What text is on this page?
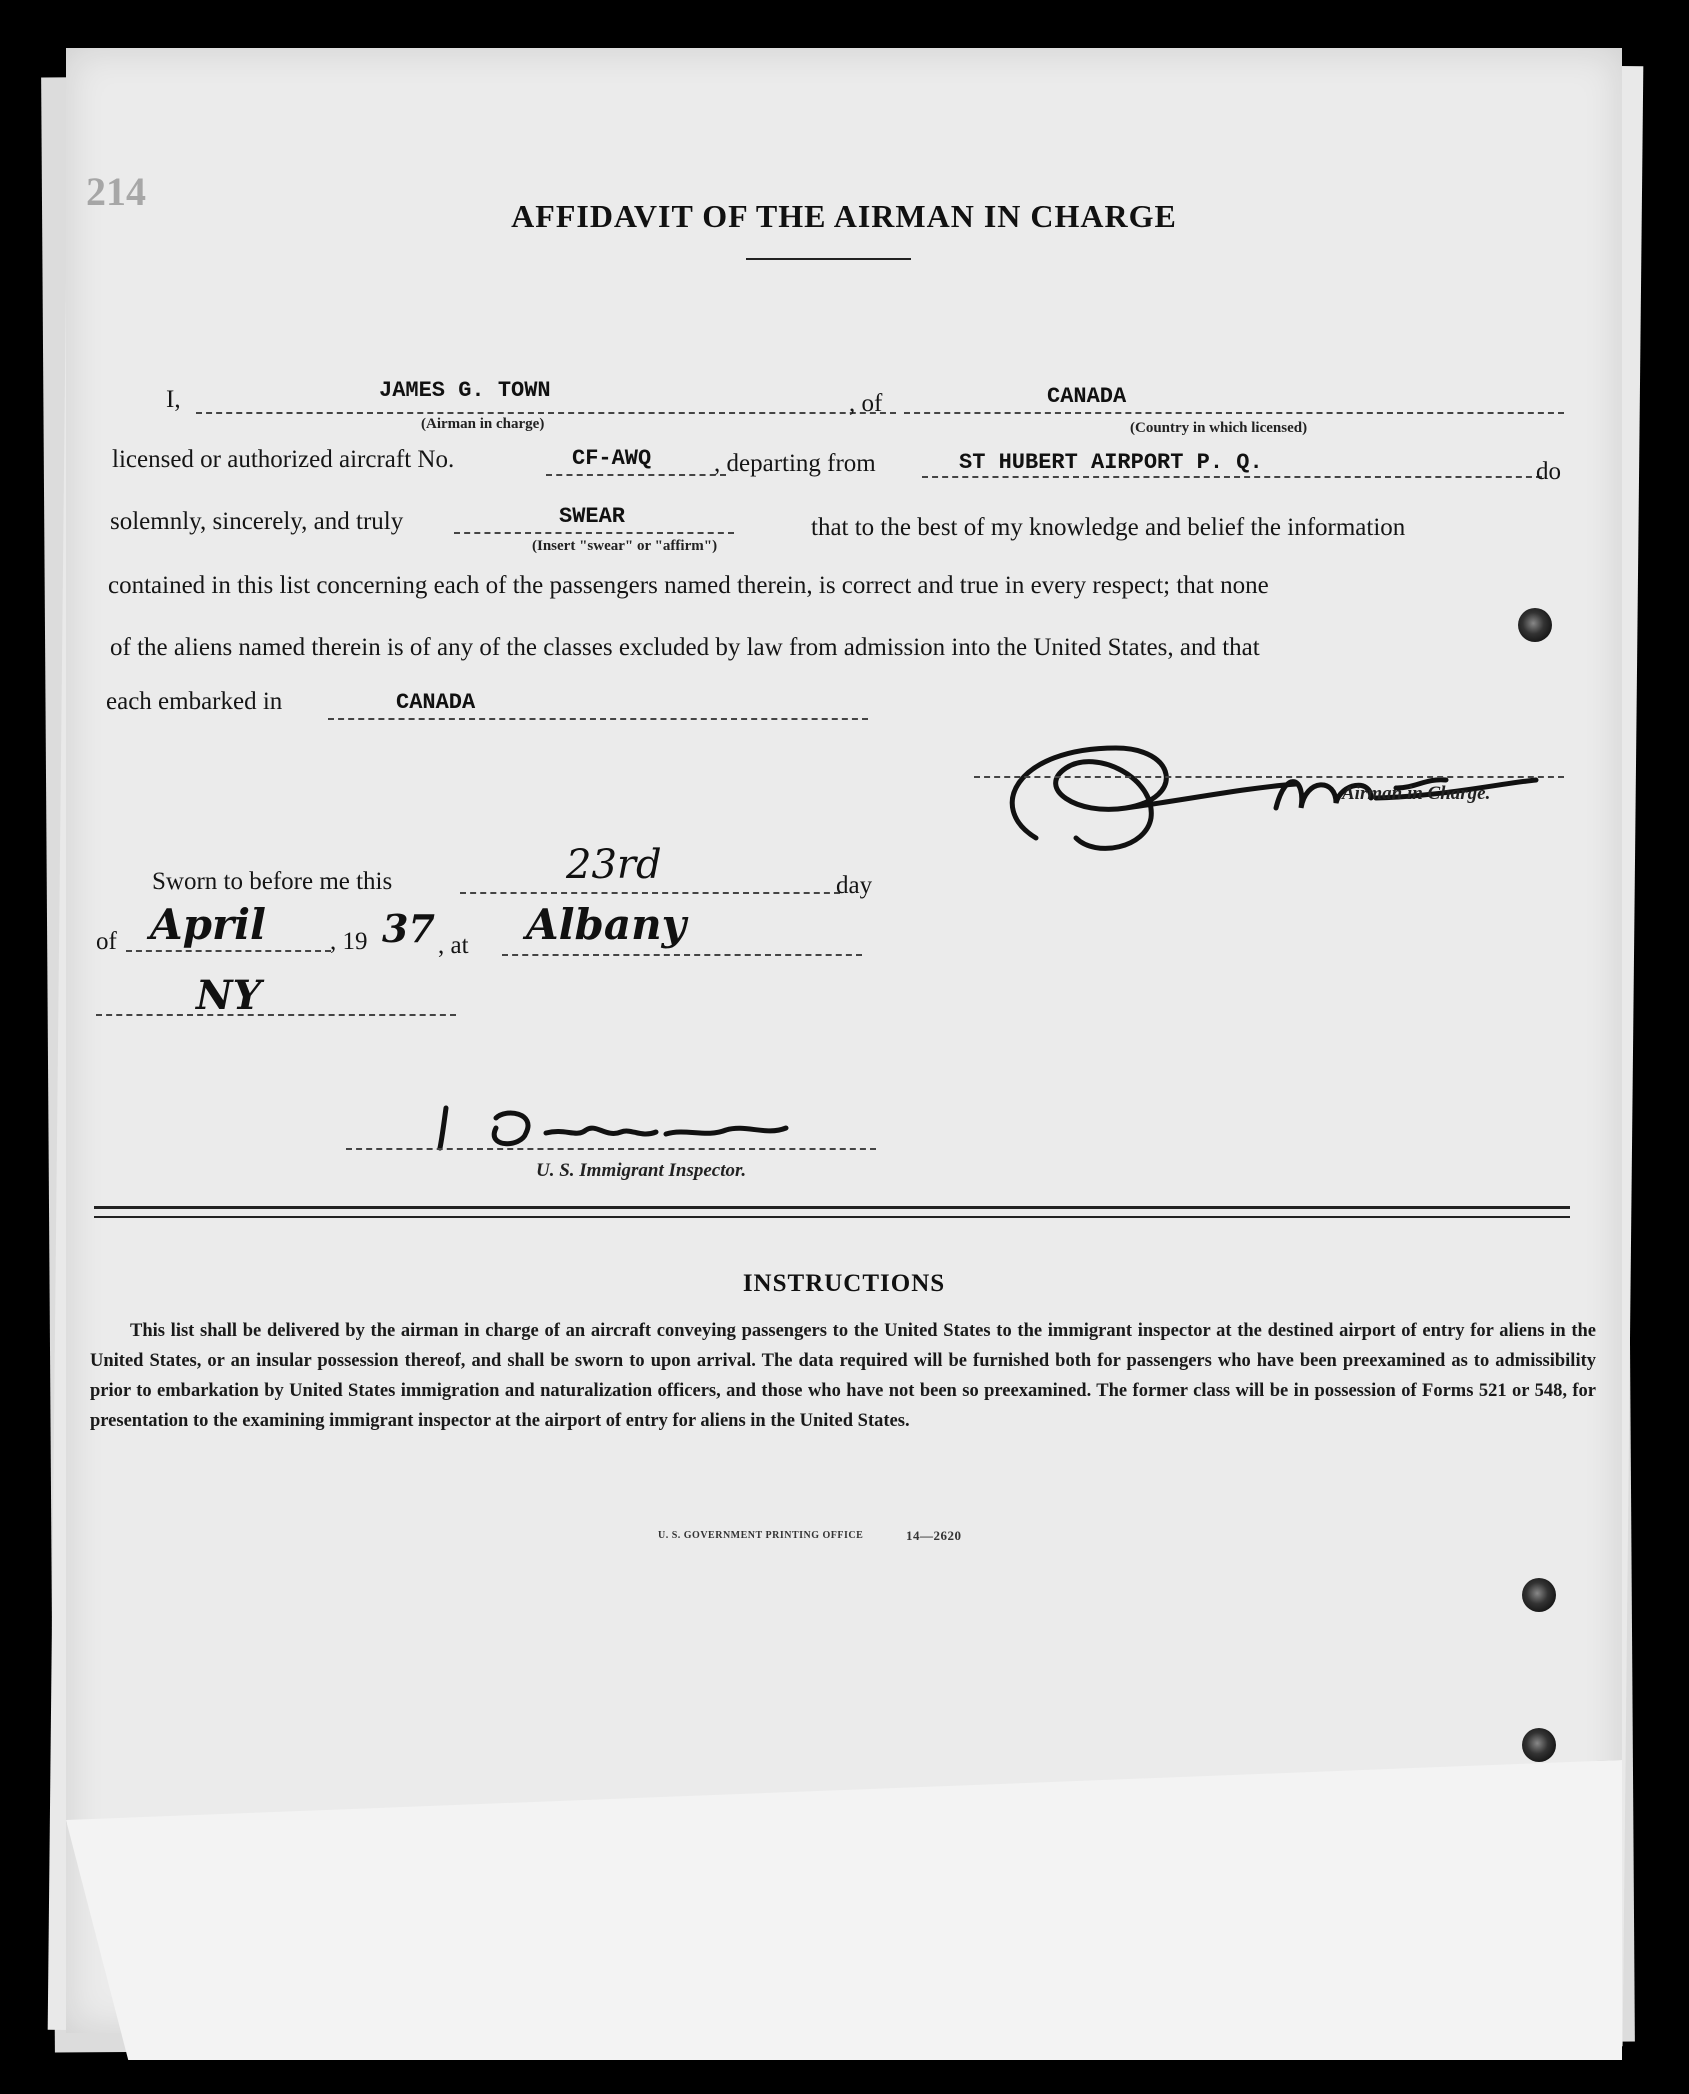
214
AFFIDAVIT OF THE AIRMAN IN CHARGE
I,	JAMES G. TOWN
(Airman in charge)
, of	CANADA
(Country in which licensed)
licensed or authorized aircraft No.	CF-AWQ	, departing from	ST HUBERT AIRPORT P. Q.	do
solemnly, sincerely, and truly	SWEAR
(Insert "swear" or "affirm")
that to the best of my knowledge and belief the information
contained in this list concerning each of the passengers named therein, is correct and true in every respect; that none
of the aliens named therein is of any of the classes excluded by law from admission into the United States, and that
each embarked in	CANADA
Airman in Charge.
Sworn to before me this	23rd	day
of April	, 19 37 , at Albany
NY
U. S. Immigrant Inspector.
INSTRUCTIONS
This list shall be delivered by the airman in charge of an aircraft conveying passengers to the United States to the immigrant inspector at the destined airport of entry for aliens in the United States, or an insular possession thereof, and shall be sworn to upon arrival. The data required will be furnished both for passengers who have been preexamined as to admissibility prior to embarkation by United States immigration and naturalization officers, and those who have not been so preexamined. The former class will be in possession of Forms 521 or 548, for presentation to the examining immigrant inspector at the airport of entry for aliens in the United States.
U. S. GOVERNMENT PRINTING OFFICE	14—2620
